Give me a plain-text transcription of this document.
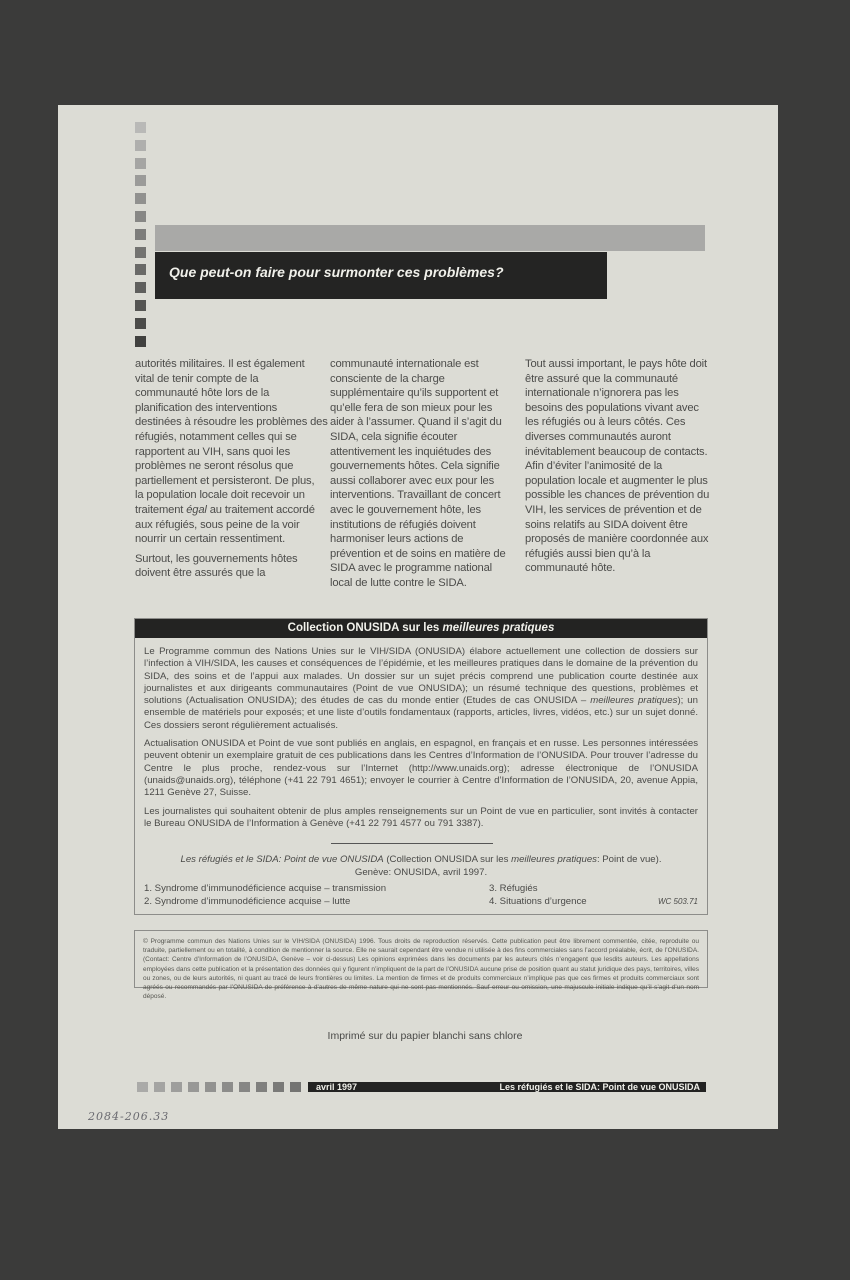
Que peut-on faire pour surmonter ces problèmes?
autorités militaires. Il est également
vital de tenir compte de la
communauté hôte lors de la
planification des interventions
destinées à résoudre les problèmes des
réfugiés, notamment celles qui se
rapportent au VIH, sans quoi les
problèmes ne seront résolus que
partiellement et persisteront. De plus,
la population locale doit recevoir un
traitement égal au traitement accordé
aux réfugiés, sous peine de la voir
nourrir un certain ressentiment.
Surtout, les gouvernements hôtes
doivent être assurés que la
communauté internationale est
consciente de la charge
supplémentaire qu’ils supportent et
qu’elle fera de son mieux pour les
aider à l’assumer. Quand il s’agit du
SIDA, cela signifie écouter
attentivement les inquiétudes des
gouvernements hôtes. Cela signifie
aussi collaborer avec eux pour les
interventions. Travaillant de concert
avec le gouvernement hôte, les
institutions de réfugiés doivent
harmoniser leurs actions de
prévention et de soins en matière de
SIDA avec le programme national
local de lutte contre le SIDA.
Tout aussi important, le pays hôte doit
être assuré que la communauté
internationale n’ignorera pas les
besoins des populations vivant avec
les réfugiés ou à leurs côtés. Ces
diverses communautés auront
inévitablement beaucoup de contacts.
Afin d’éviter l’animosité de la
population locale et augmenter le plus
possible les chances de prévention du
VIH, les services de prévention et de
soins relatifs au SIDA doivent être
proposés de manière coordonnée aux
réfugiés aussi bien qu’à la
communauté hôte.
Collection ONUSIDA sur les meilleures pratiques

Le Programme commun des Nations Unies sur le VIH/SIDA (ONUSIDA) élabore actuellement une collection de dossiers sur l’infection à VIH/SIDA, les causes et conséquences de l’épidémie, et les meilleures pratiques dans le domaine de la prévention du SIDA, des soins et de l’appui aux malades. Un dossier sur un sujet précis comprend une publication courte destinée aux journalistes et aux dirigeants communautaires (Point de vue ONUSIDA); un résumé technique des questions, problèmes et solutions (Actualisation ONUSIDA); des études de cas du monde entier (Etudes de cas ONUSIDA – meilleures pratiques); un ensemble de matériels pour exposés; et une liste d’outils fondamentaux (rapports, articles, livres, vidéos, etc.) sur un sujet donné. Ces dossiers seront régulièrement actualisés.

Actualisation ONUSIDA et Point de vue sont publiés en anglais, en espagnol, en français et en russe. Les personnes intéressées peuvent obtenir un exemplaire gratuit de ces publications dans les Centres d’Information de l’ONUSIDA. Pour trouver l’adresse du Centre le plus proche, rendez-vous sur l’Internet (http://www.unaids.org); adresse électronique de l’ONUSIDA (unaids@unaids.org), téléphone (+41 22 791 4651); envoyer le courrier à Centre d’Information de l’ONUSIDA, 20, avenue Appia, 1211 Genève 27, Suisse.

Les journalistes qui souhaitent obtenir de plus amples renseignements sur un Point de vue en particulier, sont invités à contacter le Bureau ONUSIDA de l’Information à Genève (+41 22 791 4577 ou 791 3387).

Les réfugiés et le SIDA: Point de vue ONUSIDA (Collection ONUSIDA sur les meilleures pratiques: Point de vue).
Genève: ONUSIDA, avril 1997.
1. Syndrome d’immunodéficience acquise – transmission
2. Syndrome d’immunodéficience acquise – lutte
3. Réfugiés
4. Situations d’urgence	WC 503.71
© Programme commun des Nations Unies sur le VIH/SIDA (ONUSIDA) 1996. Tous droits de reproduction réservés. Cette publication peut être librement commentée, citée, reproduite ou traduite, partiellement ou en totalité, à condition de mentionner la source. Elle ne saurait cependant être vendue ni utilisée à des fins commerciales sans l’accord préalable, écrit, de l’ONUSIDA. (Contact: Centre d’Information de l’ONUSIDA, Genève – voir ci-dessus) Les opinions exprimées dans les documents par les auteurs cités n’engagent que lesdits auteurs. Les appellations employées dans cette publication et la présentation des données qui y figurent n’impliquent de la part de l’ONUSIDA aucune prise de position quant au statut juridique des pays, territoires, villes ou zones, ou de leurs autorités, ni quant au tracé de leurs frontières ou limites. La mention de firmes et de produits commerciaux n’implique pas que ces firmes et produits commerciaux sont agréés ou recommandés par l’ONUSIDA de préférence à d’autres de même nature qui ne sont pas mentionnés. Sauf erreur ou omission, une majuscule initiale indique qu’il s’agit d’un nom déposé.
Imprimé sur du papier blanchi sans chlore
avril 1997	Les réfugiés et le SIDA: Point de vue ONUSIDA
2084-206.33
